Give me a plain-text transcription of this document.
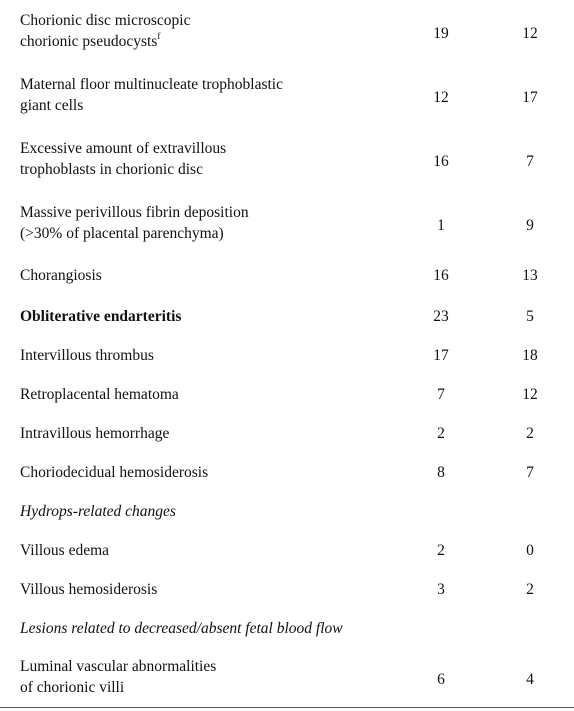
Chorionic disc microscopic
chorionic pseudocysts$^f$	19	12
Maternal floor multinucleate trophoblastic
giant cells	12	17
Excessive amount of extravillous
trophoblasts in chorionic disc	16	7
Massive perivillous fibrin deposition
(>30% of placental parenchyma)	1	9
Chorangiosis	16	13
Obliterative endarteritis	23	5
Intervillous thrombus	17	18
Retroplacental hematoma	7	12
Intravillous hemorrhage	2	2
Choriodecidual hemosiderosis	8	7
Hydrops-related changes
Villous edema	2	0
Villous hemosiderosis	3	2
Lesions related to decreased/absent fetal blood flow
Luminal vascular abnormalities
of chorionic villi	6	4
